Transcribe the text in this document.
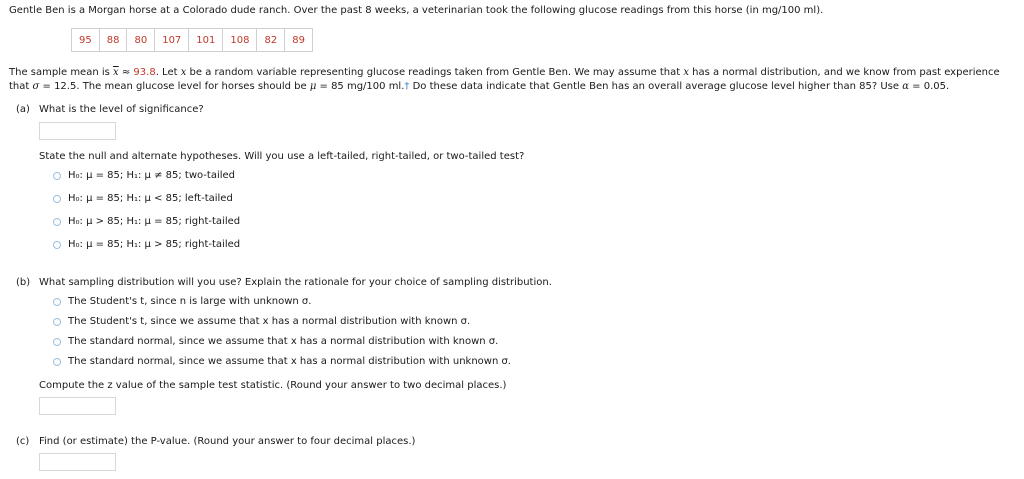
Gentle Ben is a Morgan horse at a Colorado dude ranch. Over the past 8 weeks, a veterinarian took the following glucose readings from this horse (in mg/100 ml).
95	88	80	107	101	108	82	89
The sample mean is $\overline{x} \approx 93.8$. Let x be a random variable representing glucose readings taken from Gentle Ben. We may assume that x has a normal distribution, and we know from past experience
that σ = 12.5. The mean glucose level for horses should be μ = 85 mg/100 ml.† Do these data indicate that Gentle Ben has an overall average glucose level higher than 85? Use α = 0.05.
(a) What is the level of significance?
State the null and alternate hypotheses. Will you use a left-tailed, right-tailed, or two-tailed test?
H₀: μ = 85; H₁: μ ≠ 85; two-tailed
H₀: μ = 85; H₁: μ < 85; left-tailed
H₀: μ > 85; H₁: μ = 85; right-tailed
H₀: μ = 85; H₁: μ > 85; right-tailed
(b) What sampling distribution will you use? Explain the rationale for your choice of sampling distribution.
The Student's t, since n is large with unknown σ.
The Student's t, since we assume that x has a normal distribution with known σ.
The standard normal, since we assume that x has a normal distribution with known σ.
The standard normal, since we assume that x has a normal distribution with unknown σ.
Compute the z value of the sample test statistic. (Round your answer to two decimal places.)
(c) Find (or estimate) the P-value. (Round your answer to four decimal places.)
